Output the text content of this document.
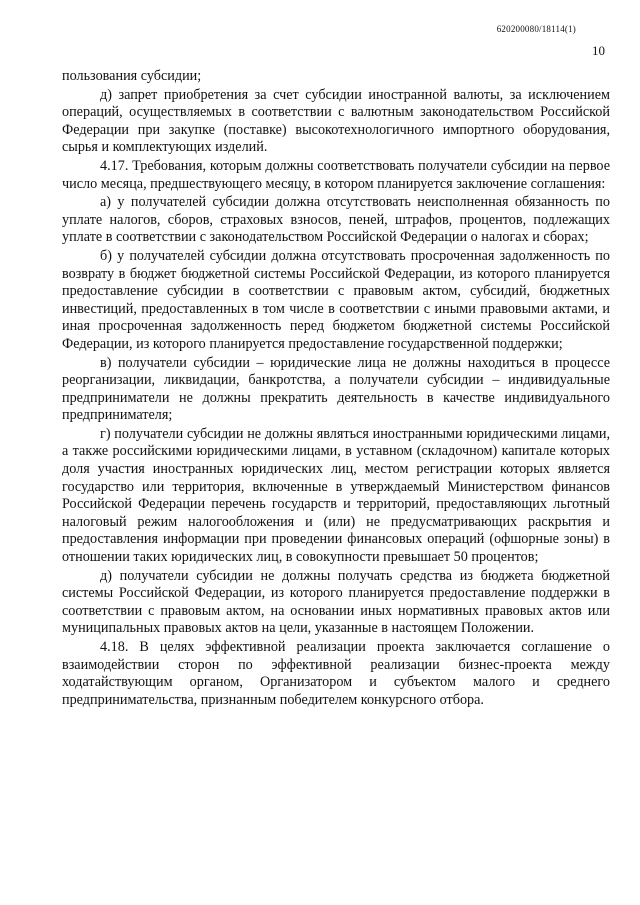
620200080/18114(1)
10

пользования субсидии;

д) запрет приобретения за счет субсидии иностранной валюты, за исключением операций, осуществляемых в соответствии с валютным законодательством Российской Федерации при закупке (поставке) высокотехнологичного импортного оборудования, сырья и комплектующих изделий.

4.17. Требования, которым должны соответствовать получатели субсидии на первое число месяца, предшествующего месяцу, в котором планируется заключение соглашения:

а) у получателей субсидии должна отсутствовать неисполненная обязанность по уплате налогов, сборов, страховых взносов, пеней, штрафов, процентов, подлежащих уплате в соответствии с законодательством Российской Федерации о налогах и сборах;

б) у получателей субсидии должна отсутствовать просроченная задолженность по возврату в бюджет бюджетной системы Российской Федерации, из которого планируется предоставление субсидии в соответствии с правовым актом, субсидий, бюджетных инвестиций, предоставленных в том числе в соответствии с иными правовыми актами, и иная просроченная задолженность перед бюджетом бюджетной системы Российской Федерации, из которого планируется предоставление государственной поддержки;

в) получатели субсидии – юридические лица не должны находиться в процессе реорганизации, ликвидации, банкротства, а получатели субсидии – индивидуальные предприниматели не должны прекратить деятельность в качестве индивидуального предпринимателя;

г) получатели субсидии не должны являться иностранными юридическими лицами, а также российскими юридическими лицами, в уставном (складочном) капитале которых доля участия иностранных юридических лиц, местом регистрации которых является государство или территория, включенные в утверждаемый Министерством финансов Российской Федерации перечень государств и территорий, предоставляющих льготный налоговый режим налогообложения и (или) не предусматривающих раскрытия и предоставления информации при проведении финансовых операций (офшорные зоны) в отношении таких юридических лиц, в совокупности превышает 50 процентов;

д) получатели субсидии не должны получать средства из бюджета бюджетной системы Российской Федерации, из которого планируется предоставление поддержки в соответствии с правовым актом, на основании иных нормативных правовых актов или муниципальных правовых актов на цели, указанные в настоящем Положении.

4.18. В целях эффективной реализации проекта заключается соглашение о взаимодействии сторон по эффективной реализации бизнес-проекта между ходатайствующим органом, Организатором и субъектом малого и среднего предпринимательства, признанным победителем конкурсного отбора.
